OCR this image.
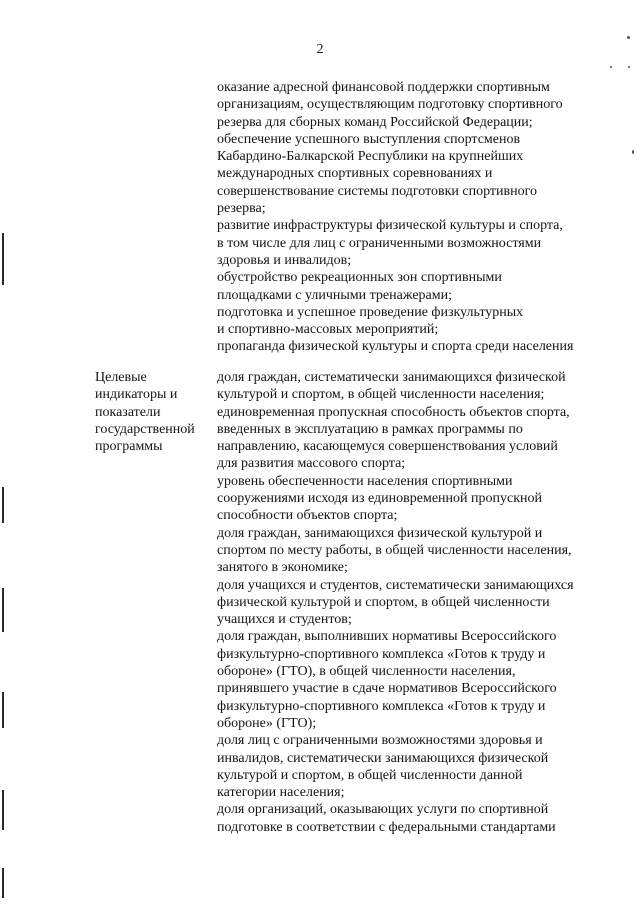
2
оказание адресной финансовой поддержки спортивным
организациям, осуществляющим подготовку спортивного
резерва для сборных команд Российской Федерации;
обеспечение успешного выступления спортсменов
Кабардино-Балкарской Республики на крупнейших
международных спортивных соревнованиях и
совершенствование системы подготовки спортивного
резерва;
развитие инфраструктуры физической культуры и спорта,
в том числе для лиц с ограниченными возможностями
здоровья и инвалидов;
обустройство рекреационных зон спортивными
площадками с уличными тренажерами;
подготовка и успешное проведение физкультурных
и спортивно-массовых мероприятий;
пропаганда физической культуры и спорта среди населения
Целевые
индикаторы и
показатели
государственной
программы
доля граждан, систематически занимающихся физической
культурой и спортом, в общей численности населения;
единовременная пропускная способность объектов спорта,
введенных в эксплуатацию в рамках программы по
направлению, касающемуся совершенствования условий
для развития массового спорта;
уровень обеспеченности населения спортивными
сооружениями исходя из единовременной пропускной
способности объектов спорта;
доля граждан, занимающихся физической культурой и
спортом по месту работы, в общей численности населения,
занятого в экономике;
доля учащихся и студентов, систематически занимающихся
физической культурой и спортом, в общей численности
учащихся и студентов;
доля граждан, выполнивших нормативы Всероссийского
физкультурно-спортивного комплекса «Готов к труду и
обороне» (ГТО), в общей численности населения,
принявшего участие в сдаче нормативов Всероссийского
физкультурно-спортивного комплекса «Готов к труду и
обороне» (ГТО);
доля лиц с ограниченными возможностями здоровья и
инвалидов, систематически занимающихся физической
культурой и спортом, в общей численности данной
категории населения;
доля организаций, оказывающих услуги по спортивной
подготовке в соответствии с федеральными стандартами
